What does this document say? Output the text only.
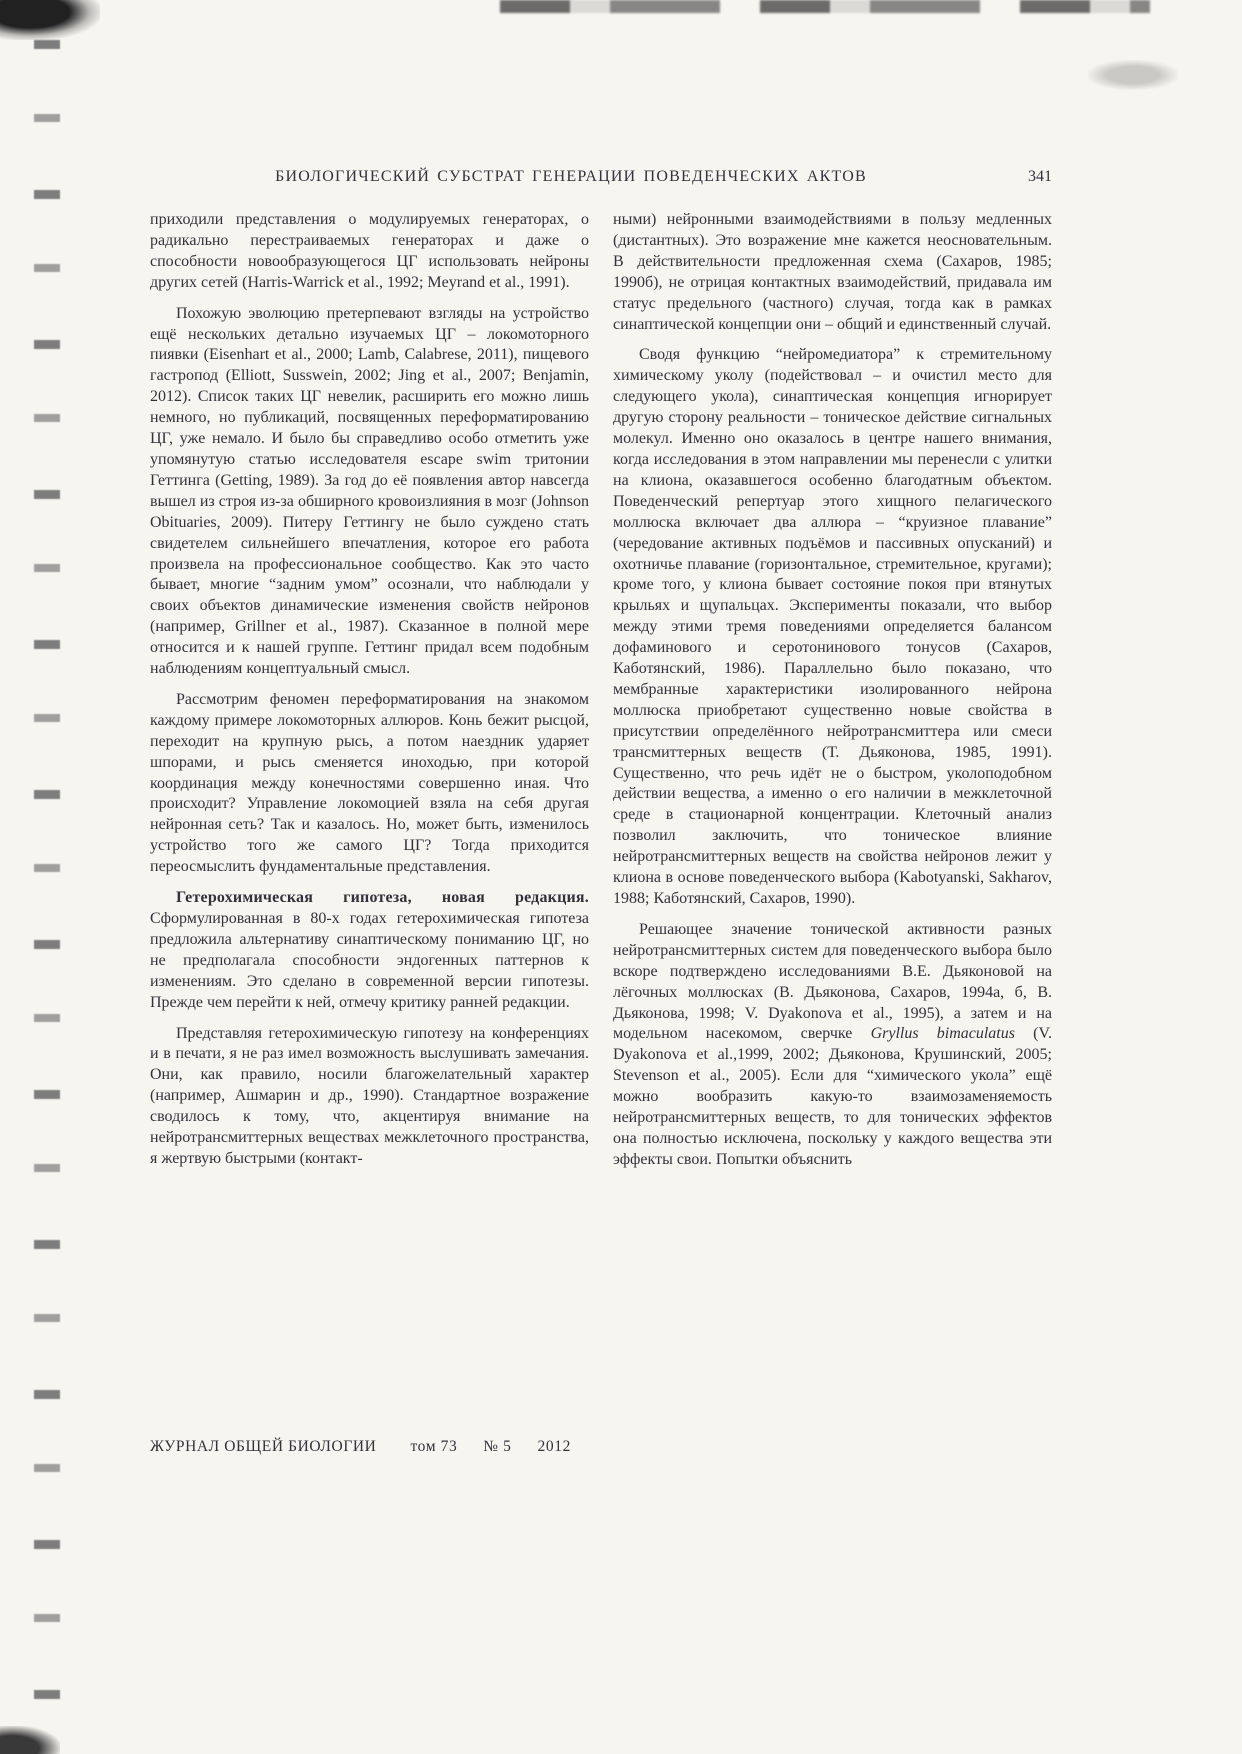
БИОЛОГИЧЕСКИЙ СУБСТРАТ ГЕНЕРАЦИИ ПОВЕДЕНЧЕСКИХ АКТОВ	341

приходили представления о модулируемых генераторах, о радикально перестраиваемых генераторах и даже о способности новообразующегося ЦГ использовать нейроны других сетей (Harris-Warrick et al., 1992; Meyrand et al., 1991).

Похожую эволюцию претерпевают взгляды на устройство ещё нескольких детально изучаемых ЦГ – локомоторного пиявки (Eisenhart et al., 2000; Lamb, Calabrese, 2011), пищевого гастропод (Elliott, Susswein, 2002; Jing et al., 2007; Benjamin, 2012). Список таких ЦГ невелик, расширить его можно лишь немного, но публикаций, посвященных переформатированию ЦГ, уже немало. И было бы справедливо особо отметить уже упомянутую статью исследователя escape swim тритонии Геттинга (Getting, 1989). За год до её появления автор навсегда вышел из строя из-за обширного кровоизлияния в мозг (Johnson Obituaries, 2009). Питеру Геттингу не было суждено стать свидетелем сильнейшего впечатления, которое его работа произвела на профессиональное сообщество. Как это часто бывает, многие “задним умом” осознали, что наблюдали у своих объектов динамические изменения свойств нейронов (например, Grillner et al., 1987). Сказанное в полной мере относится и к нашей группе. Геттинг придал всем подобным наблюдениям концептуальный смысл.

Рассмотрим феномен переформатирования на знакомом каждому примере локомоторных аллюров. Конь бежит рысцой, переходит на крупную рысь, а потом наездник ударяет шпорами, и рысь сменяется иноходью, при которой координация между конечностями совершенно иная. Что происходит? Управление локомоцией взяла на себя другая нейронная сеть? Так и казалось. Но, может быть, изменилось устройство того же самого ЦГ? Тогда приходится переосмыслить фундаментальные представления.

Гетерохимическая гипотеза, новая редакция. Сформулированная в 80-х годах гетерохимическая гипотеза предложила альтернативу синаптическому пониманию ЦГ, но не предполагала способности эндогенных паттернов к изменениям. Это сделано в современной версии гипотезы. Прежде чем перейти к ней, отмечу критику ранней редакции.

Представляя гетерохимическую гипотезу на конференциях и в печати, я не раз имел возможность выслушивать замечания. Они, как правило, носили благожелательный характер (например, Ашмарин и др., 1990). Стандартное возражение сводилось к тому, что, акцентируя внимание на нейротрансмиттерных веществах межклеточного пространства, я жертвую быстрыми (контакт-

ными) нейронными взаимодействиями в пользу медленных (дистантных). Это возражение мне кажется неосновательным. В действительности предложенная схема (Сахаров, 1985; 1990б), не отрицая контактных взаимодействий, придавала им статус предельного (частного) случая, тогда как в рамках синаптической концепции они – общий и единственный случай.

Сводя функцию “нейромедиатора” к стремительному химическому уколу (подействовал – и очистил место для следующего укола), синаптическая концепция игнорирует другую сторону реальности – тоническое действие сигнальных молекул. Именно оно оказалось в центре нашего внимания, когда исследования в этом направлении мы перенесли с улитки на клиона, оказавшегося особенно благодатным объектом. Поведенческий репертуар этого хищного пелагического моллюска включает два аллюра – “круизное плавание” (чередование активных подъёмов и пассивных опусканий) и охотничье плавание (горизонтальное, стремительное, кругами); кроме того, у клиона бывает состояние покоя при втянутых крыльях и щупальцах. Эксперименты показали, что выбор между этими тремя поведениями определяется балансом дофаминового и серотонинового тонусов (Сахаров, Каботянский, 1986). Параллельно было показано, что мембранные характеристики изолированного нейрона моллюска приобретают существенно новые свойства в присутствии определённого нейротрансмиттера или смеси трансмиттерных веществ (Т. Дьяконова, 1985, 1991). Существенно, что речь идёт не о быстром, уколоподобном действии вещества, а именно о его наличии в межклеточной среде в стационарной концентрации. Клеточный анализ позволил заключить, что тоническое влияние нейротрансмиттерных веществ на свойства нейронов лежит у клиона в основе поведенческого выбора (Kabotyanski, Sakharov, 1988; Каботянский, Сахаров, 1990).

Решающее значение тонической активности разных нейротрансмиттерных систем для поведенческого выбора было вскоре подтверждено исследованиями В.Е. Дьяконовой на лёгочных моллюсках (В. Дьяконова, Сахаров, 1994а, б, В. Дьяконова, 1998; V. Dyakonova et al., 1995), а затем и на модельном насекомом, сверчке Gryllus bimaculatus (V. Dyakonova et al.,1999, 2002; Дьяконова, Крушинский, 2005; Stevenson et al., 2005). Если для “химического укола” ещё можно вообразить какую-то взаимозаменяемость нейротрансмиттерных веществ, то для тонических эффектов она полностью исключена, поскольку у каждого вещества эти эффекты свои. Попытки объяснить

ЖУРНАЛ ОБЩЕЙ БИОЛОГИИ том 73 № 5 2012
